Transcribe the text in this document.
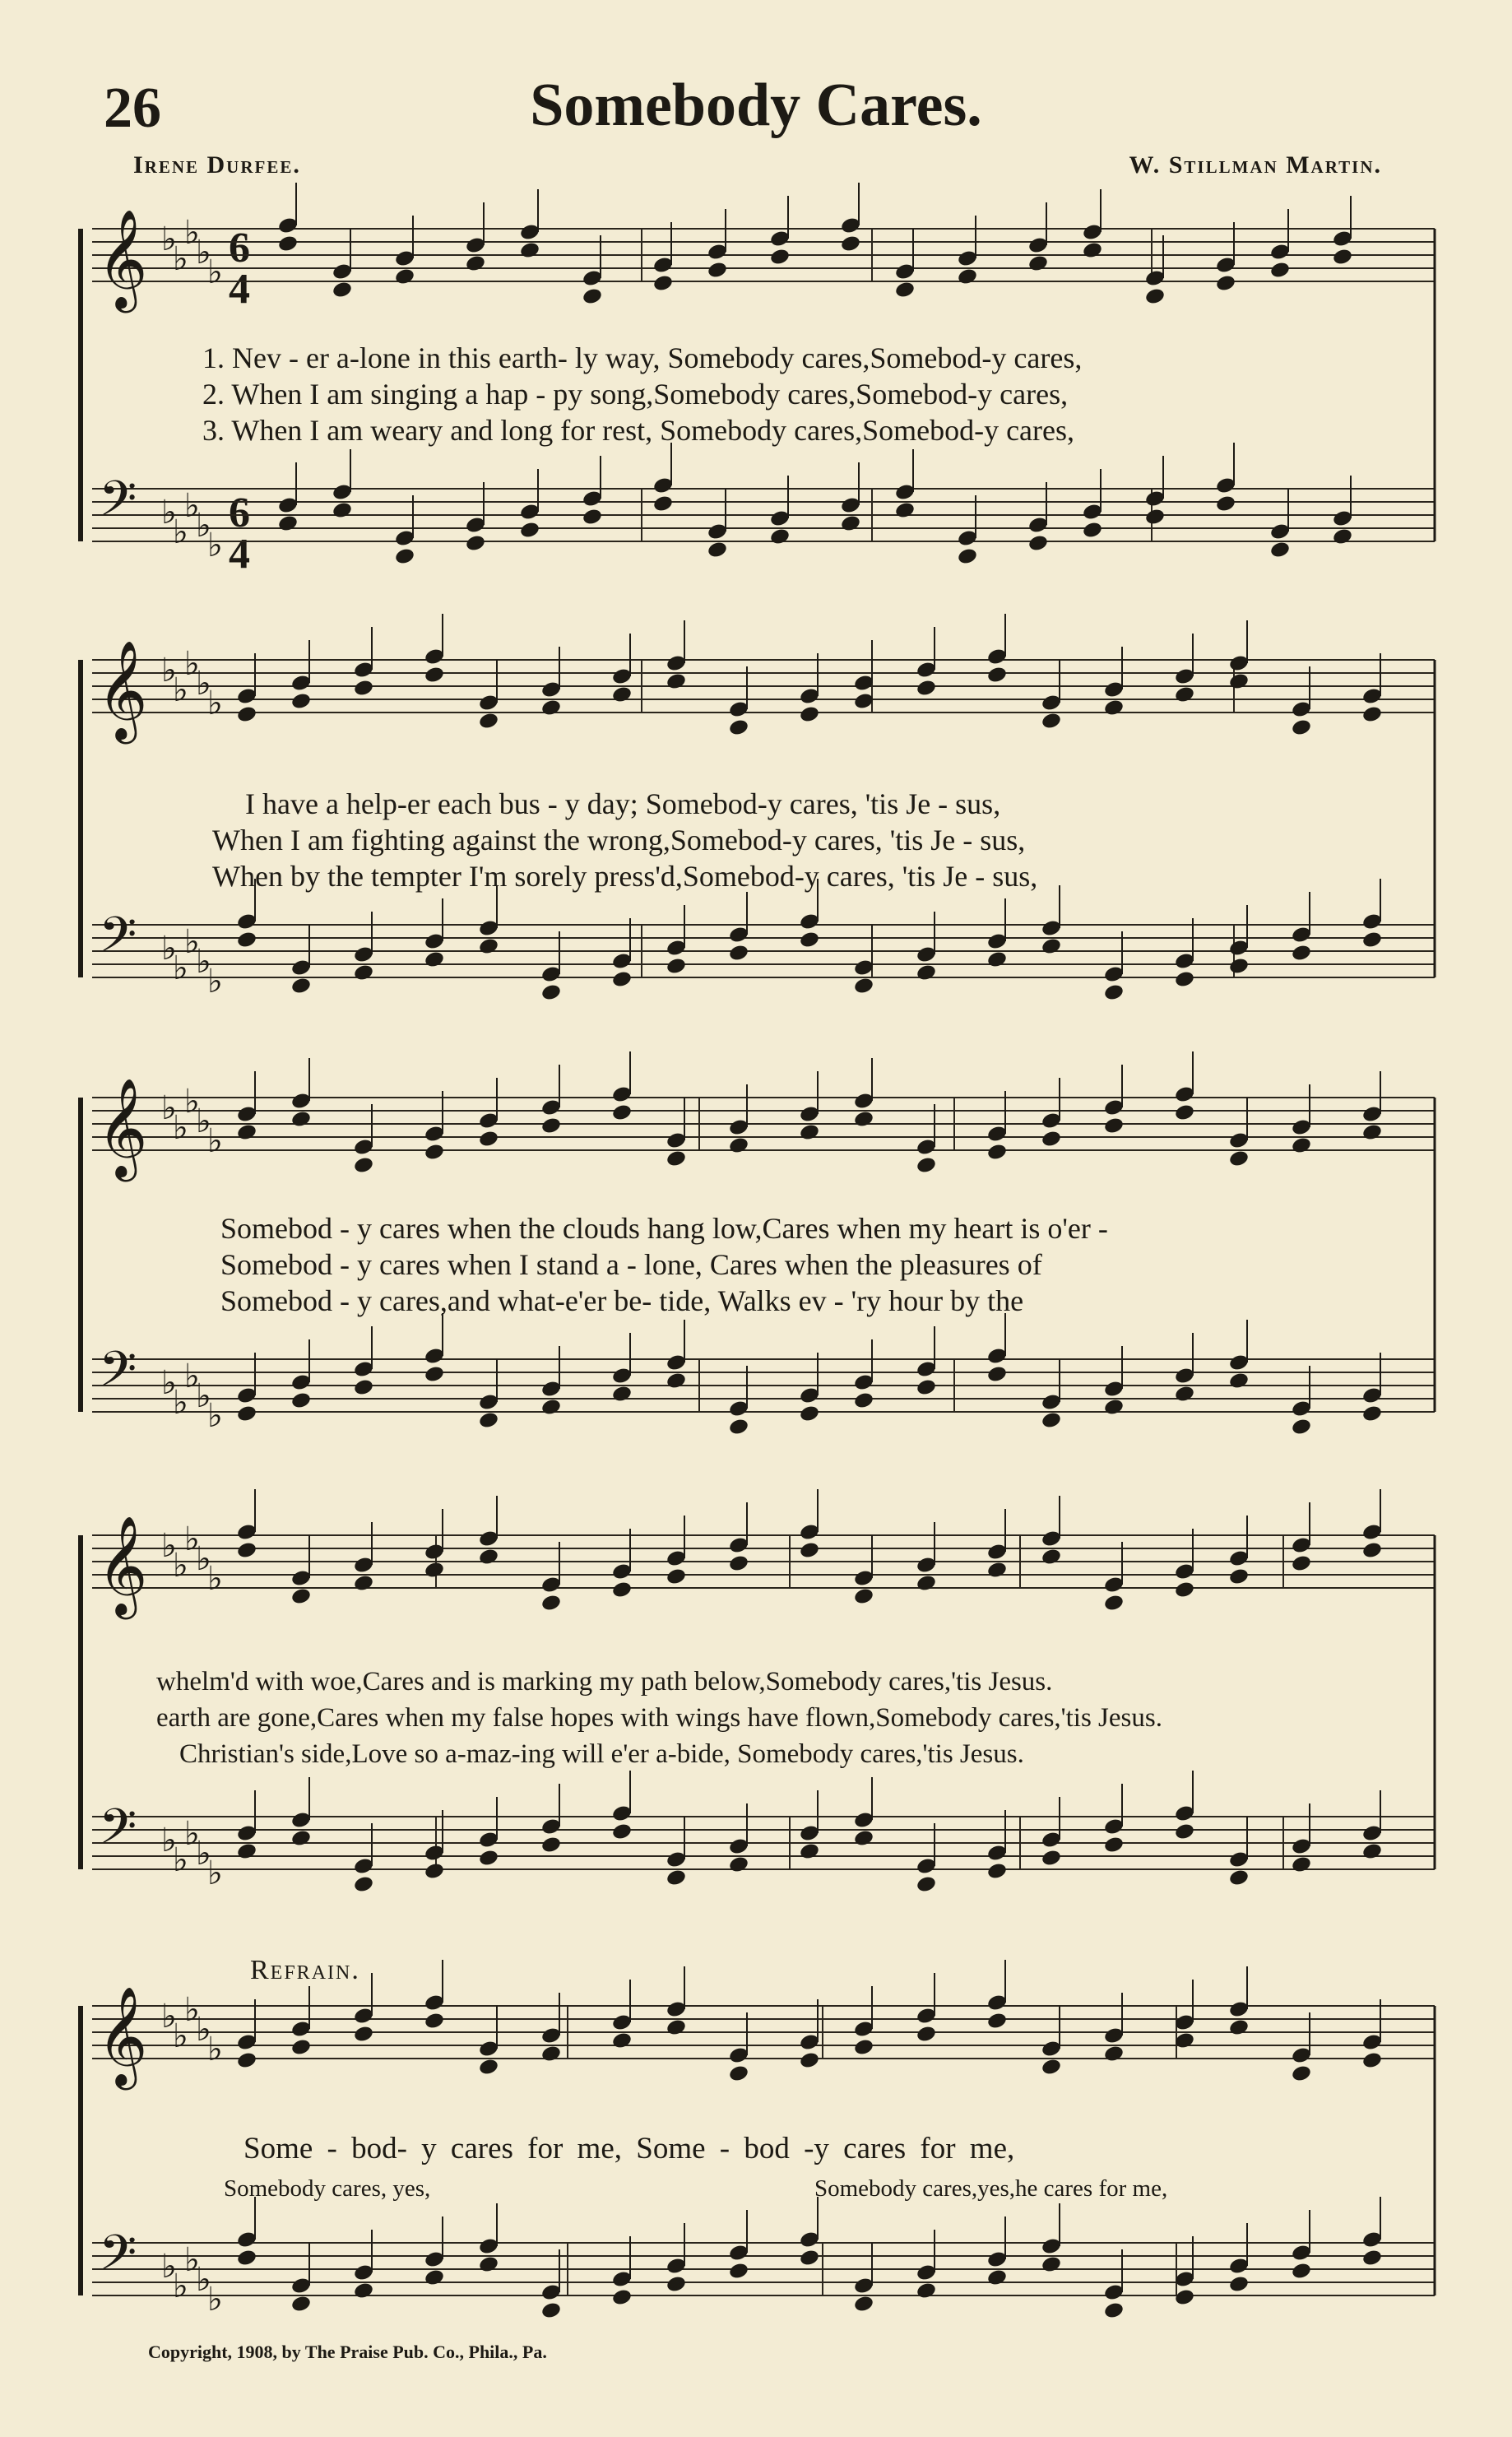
26	Somebody Cares.
Irene Durfee.	W. Stillman Martin.
6
4
6
4
1. Nev - er a-lone in this earth- ly way, Somebody cares,Somebod-y cares,
2. When I am singing a hap - py song,Somebody cares,Somebod-y cares,
3. When I am weary and long for rest, Somebody cares,Somebod-y cares,
I have a help-er each bus - y day; Somebod-y cares, 'tis Je - sus,
When I am fighting against the wrong,Somebod-y cares, 'tis Je - sus,
When by the tempter I'm sorely press'd,Somebod-y cares, 'tis Je - sus,
Somebod - y cares when the clouds hang low,Cares when my heart is o'er -
Somebod - y cares when I stand a - lone, Cares when the pleasures of
Somebod - y cares,and what-e'er be- tide, Walks ev - 'ry hour by the
whelm'd with woe,Cares and is marking my path below,Somebody cares,'tis Jesus.
earth are gone,Cares when my false hopes with wings have flown,Somebody cares,'tis Jesus.
Christian's side,Love so a-maz-ing will e'er a-bide, Somebody cares,'tis Jesus.
Refrain.
Some - bod- y cares for me, Some - bod -y cares for me,
Somebody cares, yes,	Somebody cares,yes,he cares for me,
Copyright, 1908, by The Praise Pub. Co., Phila., Pa.
𝄞 ♭
♭
♭
♭
♭
𝄢 ♭
♭
♭
♭
♭
𝄞 ♭
♭
♭
♭
♭
𝄢 ♭
♭
♭
♭
♭
𝄞 ♭
♭
♭
♭
♭
𝄢 ♭
♭
♭
♭
♭
𝄞 ♭
♭
♭
♭
♭
𝄢 ♭
♭
♭
♭
♭
𝄞 ♭
♭
♭
♭
♭
𝄢 ♭
♭
♭
♭
♭
